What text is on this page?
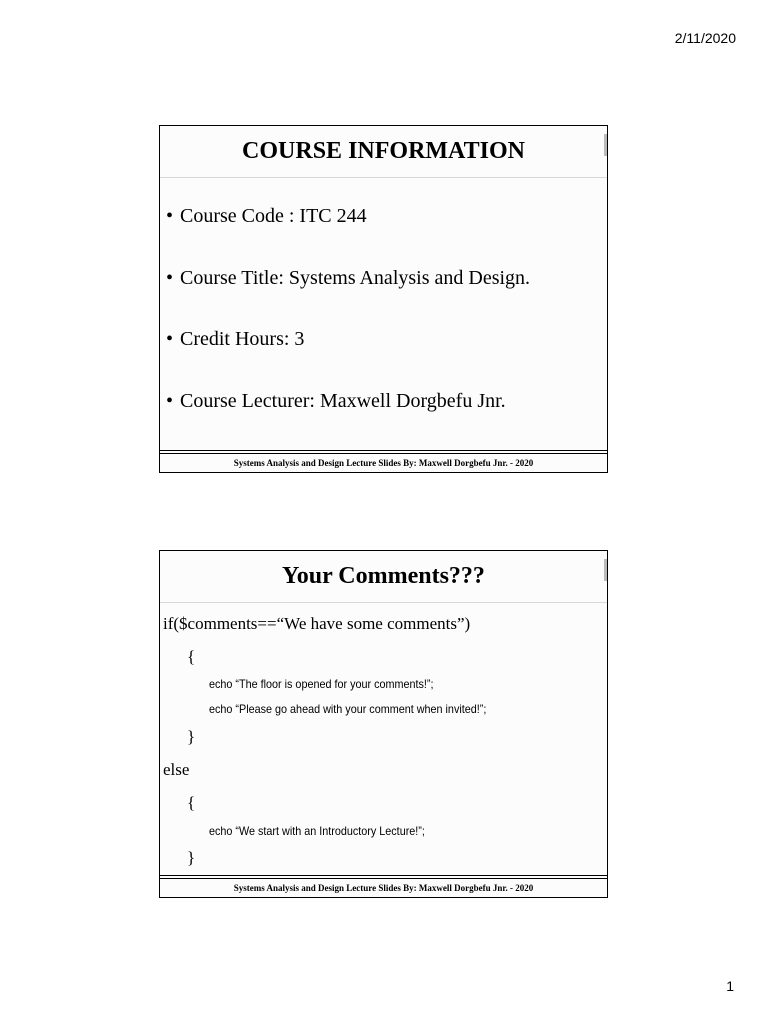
2/11/2020
COURSE INFORMATION
• Course Code : ITC 244
• Course Title: Systems Analysis and Design.
• Credit Hours: 3
• Course Lecturer: Maxwell Dorgbefu Jnr.
Systems Analysis and Design Lecture Slides By: Maxwell Dorgbefu Jnr. - 2020
Your Comments???
if($comments==“We have some comments”)
{
echo “The floor is opened for your comments!”;
echo “Please go ahead with your comment when invited!”;
}
else
{
echo “We start with an Introductory Lecture!”;
}
Systems Analysis and Design Lecture Slides By: Maxwell Dorgbefu Jnr. - 2020
1
